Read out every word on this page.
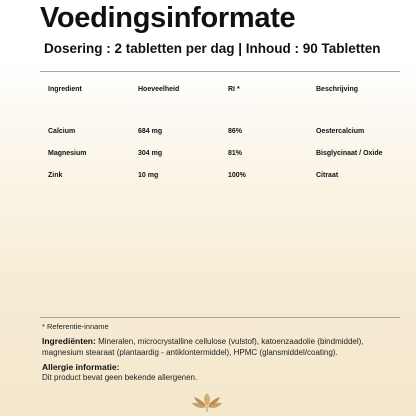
Voedingsinformate
Dosering : 2 tabletten per dag | Inhoud : 90 Tabletten
Ingredient	Hoeveelheid	RI *	Beschrijving
Calcium	684 mg	86%	Oestercalcium
Magnesium	304 mg	81%	Bisglycinaat / Oxide
Zink	10 mg	100%	Citraat
* Referentie-inname
Ingrediënten: Mineralen, microcrystalline cellulose (vulstof), katoenzaadolie (bindmiddel), magnesium stearaat (plantaardig - antiklontermiddel), HPMC (glansmiddel/coating).
Allergie informatie:
Dit product bevat geen bekende allergenen.
